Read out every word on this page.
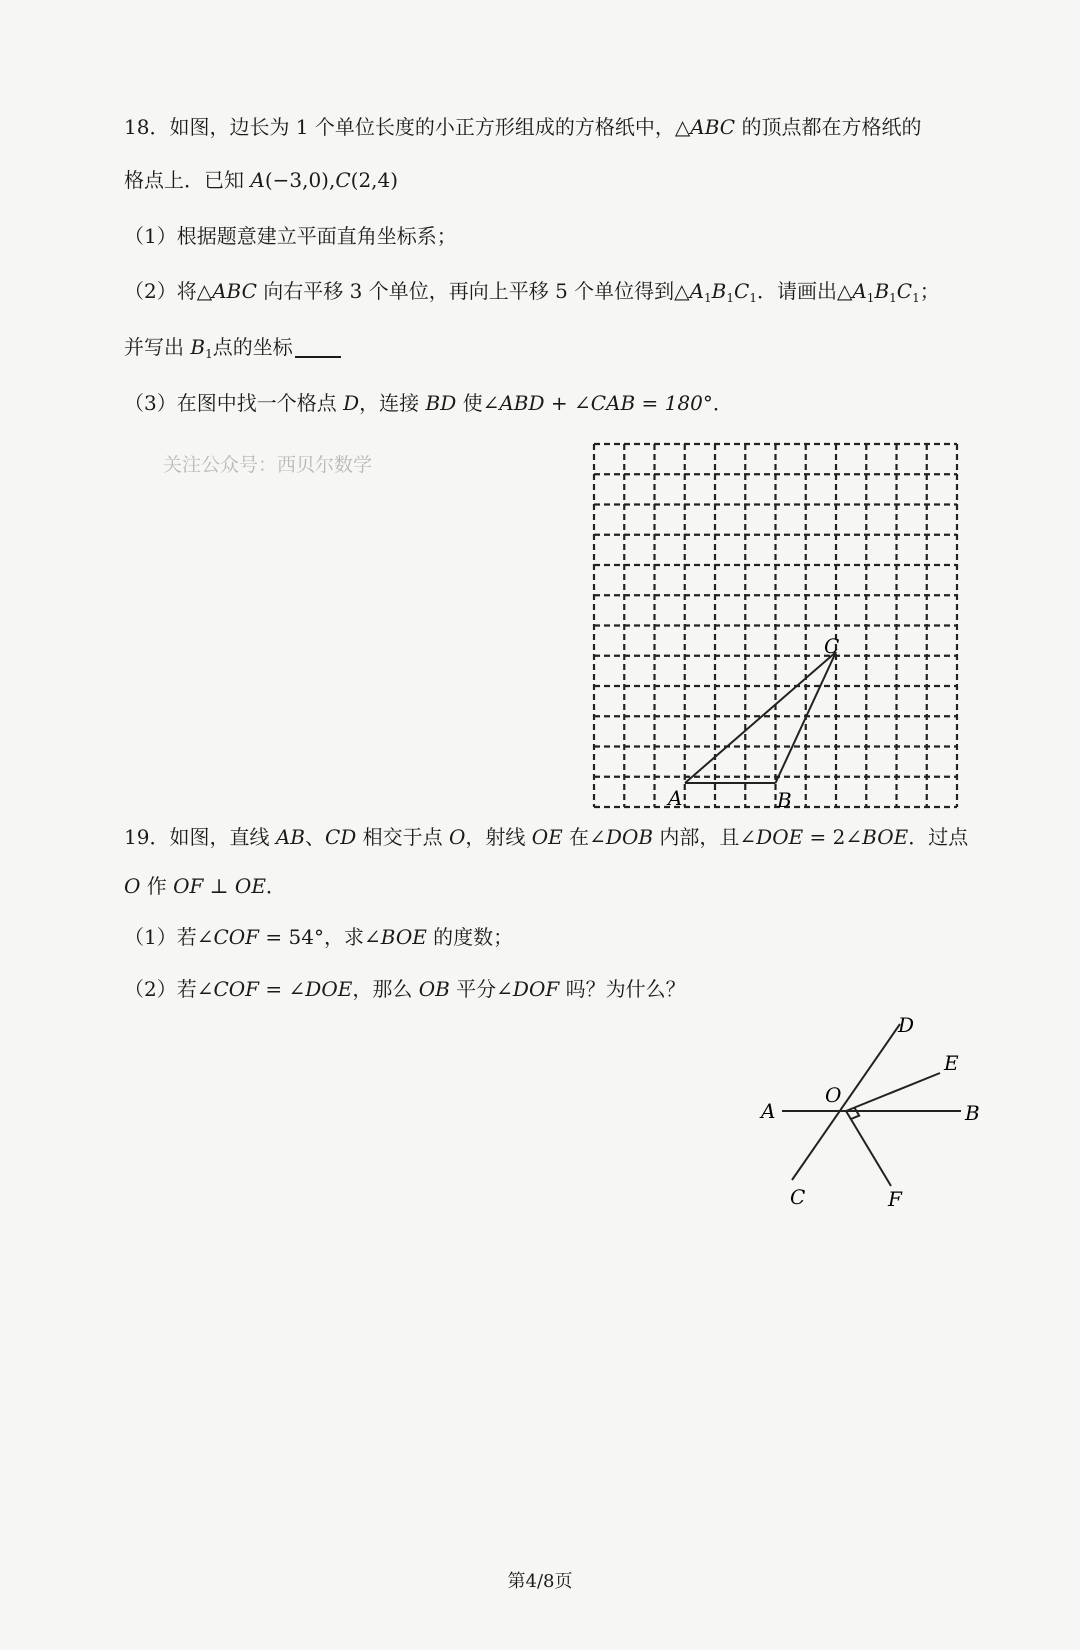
18．如图，边长为 1 个单位长度的小正方形组成的方格纸中，△ABC 的顶点都在方格纸的
格点上．已知 A(−3,0),C(2,4)
（1）根据题意建立平面直角坐标系；
（2）将△ABC 向右平移 3 个单位，再向上平移 5 个单位得到$\triangle A_1B_1C_1$．请画出$\triangle A_1B_1C_1$；
并写出 $B_1$点的坐标
（3）在图中找一个格点 D，连接 BD 使∠ABD + ∠CAB = 180°．
关注公众号：西贝尔数学
A	B
C
19．如图，直线 AB、CD 相交于点 O，射线 OE 在∠DOB 内部，且∠DOE = 2∠BOE．过点
O 作 OF ⊥ OE．
（1）若∠COF = 54°，求∠BOE 的度数；
（2）若∠COF = ∠DOE，那么 OB 平分∠DOF 吗？为什么？
A	B
C
D
E
F
O
第4/8页
